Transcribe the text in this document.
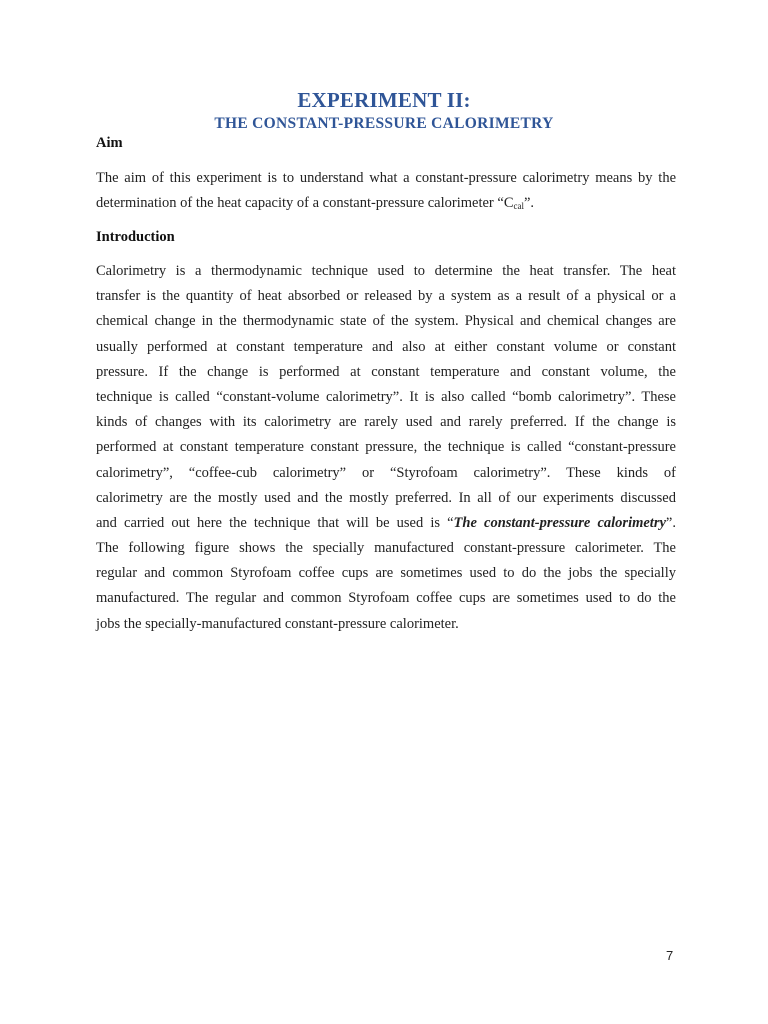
EXPERIMENT II:
THE CONSTANT-PRESSURE CALORIMETRY
Aim
The aim of this experiment is to understand what a constant-pressure calorimetry means by the
determination of the heat capacity of a constant-pressure calorimeter “$C_{cal}$”.
Introduction
Calorimetry is a thermodynamic technique used to determine the heat transfer. The heat
transfer is the quantity of heat absorbed or released by a system as a result of a physical or a
chemical change in the thermodynamic state of the system. Physical and chemical changes are
usually performed at constant temperature and also at either constant volume or constant
pressure. If the change is performed at constant temperature and constant volume, the
technique is called “constant-volume calorimetry”. It is also called “bomb calorimetry”. These
kinds of changes with its calorimetry are rarely used and rarely preferred. If the change is
performed at constant temperature constant pressure, the technique is called “constant-pressure
calorimetry”, “coffee-cub calorimetry” or “Styrofoam calorimetry”. These kinds of
calorimetry are the mostly used and the mostly preferred. In all of our experiments discussed
and carried out here the technique that will be used is “The constant-pressure calorimetry”.
The following figure shows the specially manufactured constant-pressure calorimeter. The
regular and common Styrofoam coffee cups are sometimes used to do the jobs the specially
manufactured. The regular and common Styrofoam coffee cups are sometimes used to do the
jobs the specially-manufactured constant-pressure calorimeter.
7
